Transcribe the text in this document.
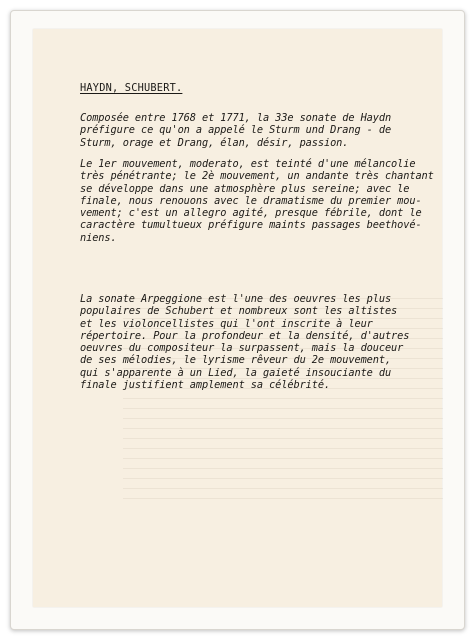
HAYDN, SCHUBERT.
Composée entre 1768 et 1771, la 33e sonate de Haydn
préfigure ce qu'on a appelé le Sturm und Drang - de
Sturm, orage et Drang, élan, désir, passion.
Le 1er mouvement, moderato, est teinté d'une mélancolie
très pénétrante; le 2è mouvement, un andante très chantant
se développe dans une atmosphère plus sereine; avec le
finale, nous renouons avec le dramatisme du premier mou-
vement; c'est un allegro agité, presque fébrile, dont le
caractère tumultueux préfigure maints passages beethové-
niens.
La sonate Arpeggione est l'une des oeuvres les plus
populaires de Schubert et nombreux sont les altistes
et les violoncellistes qui l'ont inscrite à leur
répertoire. Pour la profondeur et la densité, d'autres
oeuvres du compositeur la surpassent, mais la douceur
de ses mélodies, le lyrisme rêveur du 2e mouvement,
qui s'apparente à un Lied, la gaieté insouciante du
finale justifient amplement sa célébrité.
